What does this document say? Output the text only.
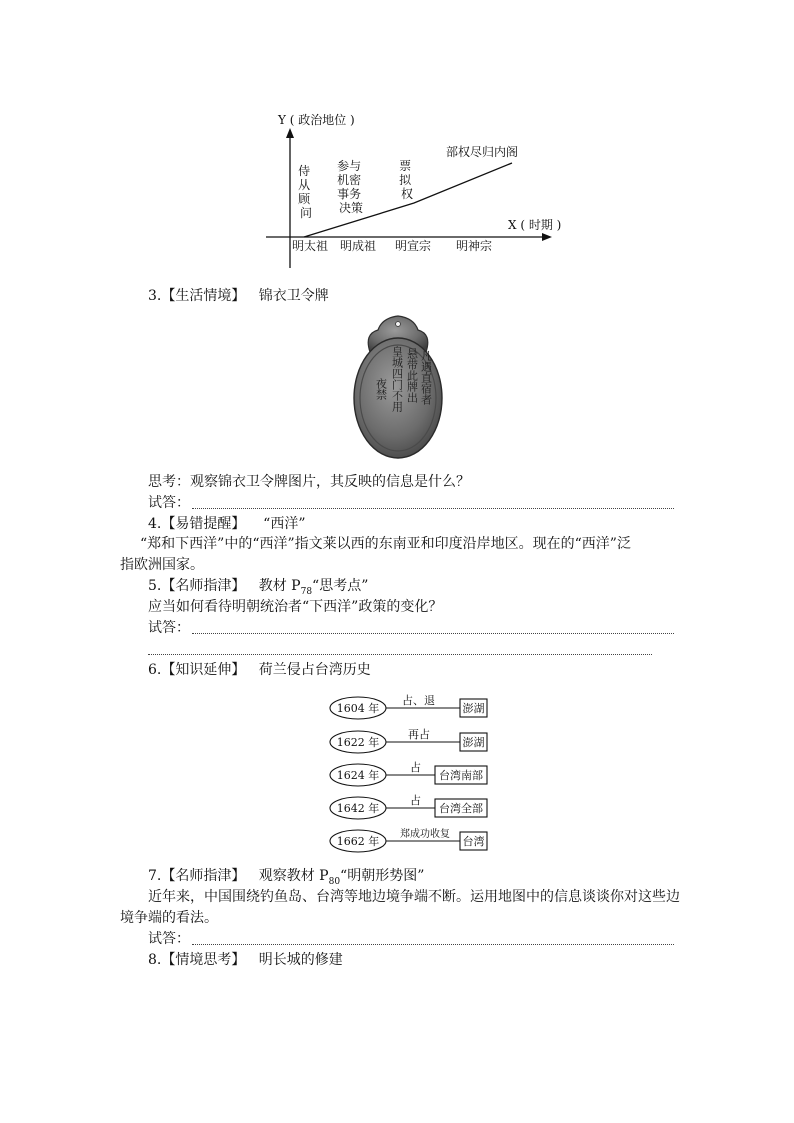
Y ( 政治地位 )
X ( 时期 )
侍 从 顾 问
参与 机密 事务 决策
票 拟 权
部权尽归内阁
明太祖 明成祖 明宣宗 明神宗
3.【生活情境】 锦衣卫令牌
凡遇直宿者
悬带此牌出
皇城四门不用
夜禁
思考：观察锦衣卫令牌图片，其反映的信息是什么？
试答：
4.【易错提醒】 “西洋”
“郑和下西洋”中的“西洋”指文莱以西的东南亚和印度沿岸地区。现在的“西洋”泛
指欧洲国家。
5.【名师指津】 教材 $P_{78}“$思考点”
应当如何看待明朝统治者“下西洋”政策的变化？
试答：
6.【知识延伸】 荷兰侵占台湾历史
1604 年
占、退
澎湖
1622 年
再占
澎湖
1624 年
占
台湾南部
1642 年
占
台湾全部
1662 年
郑成功收复
台湾
7.【名师指津】 观察教材 $P_{80}“$明朝形势图”
近年来，中国围绕钓鱼岛、台湾等地边境争端不断。运用地图中的信息谈谈你对这些边
境争端的看法。
试答：
8.【情境思考】 明长城的修建
